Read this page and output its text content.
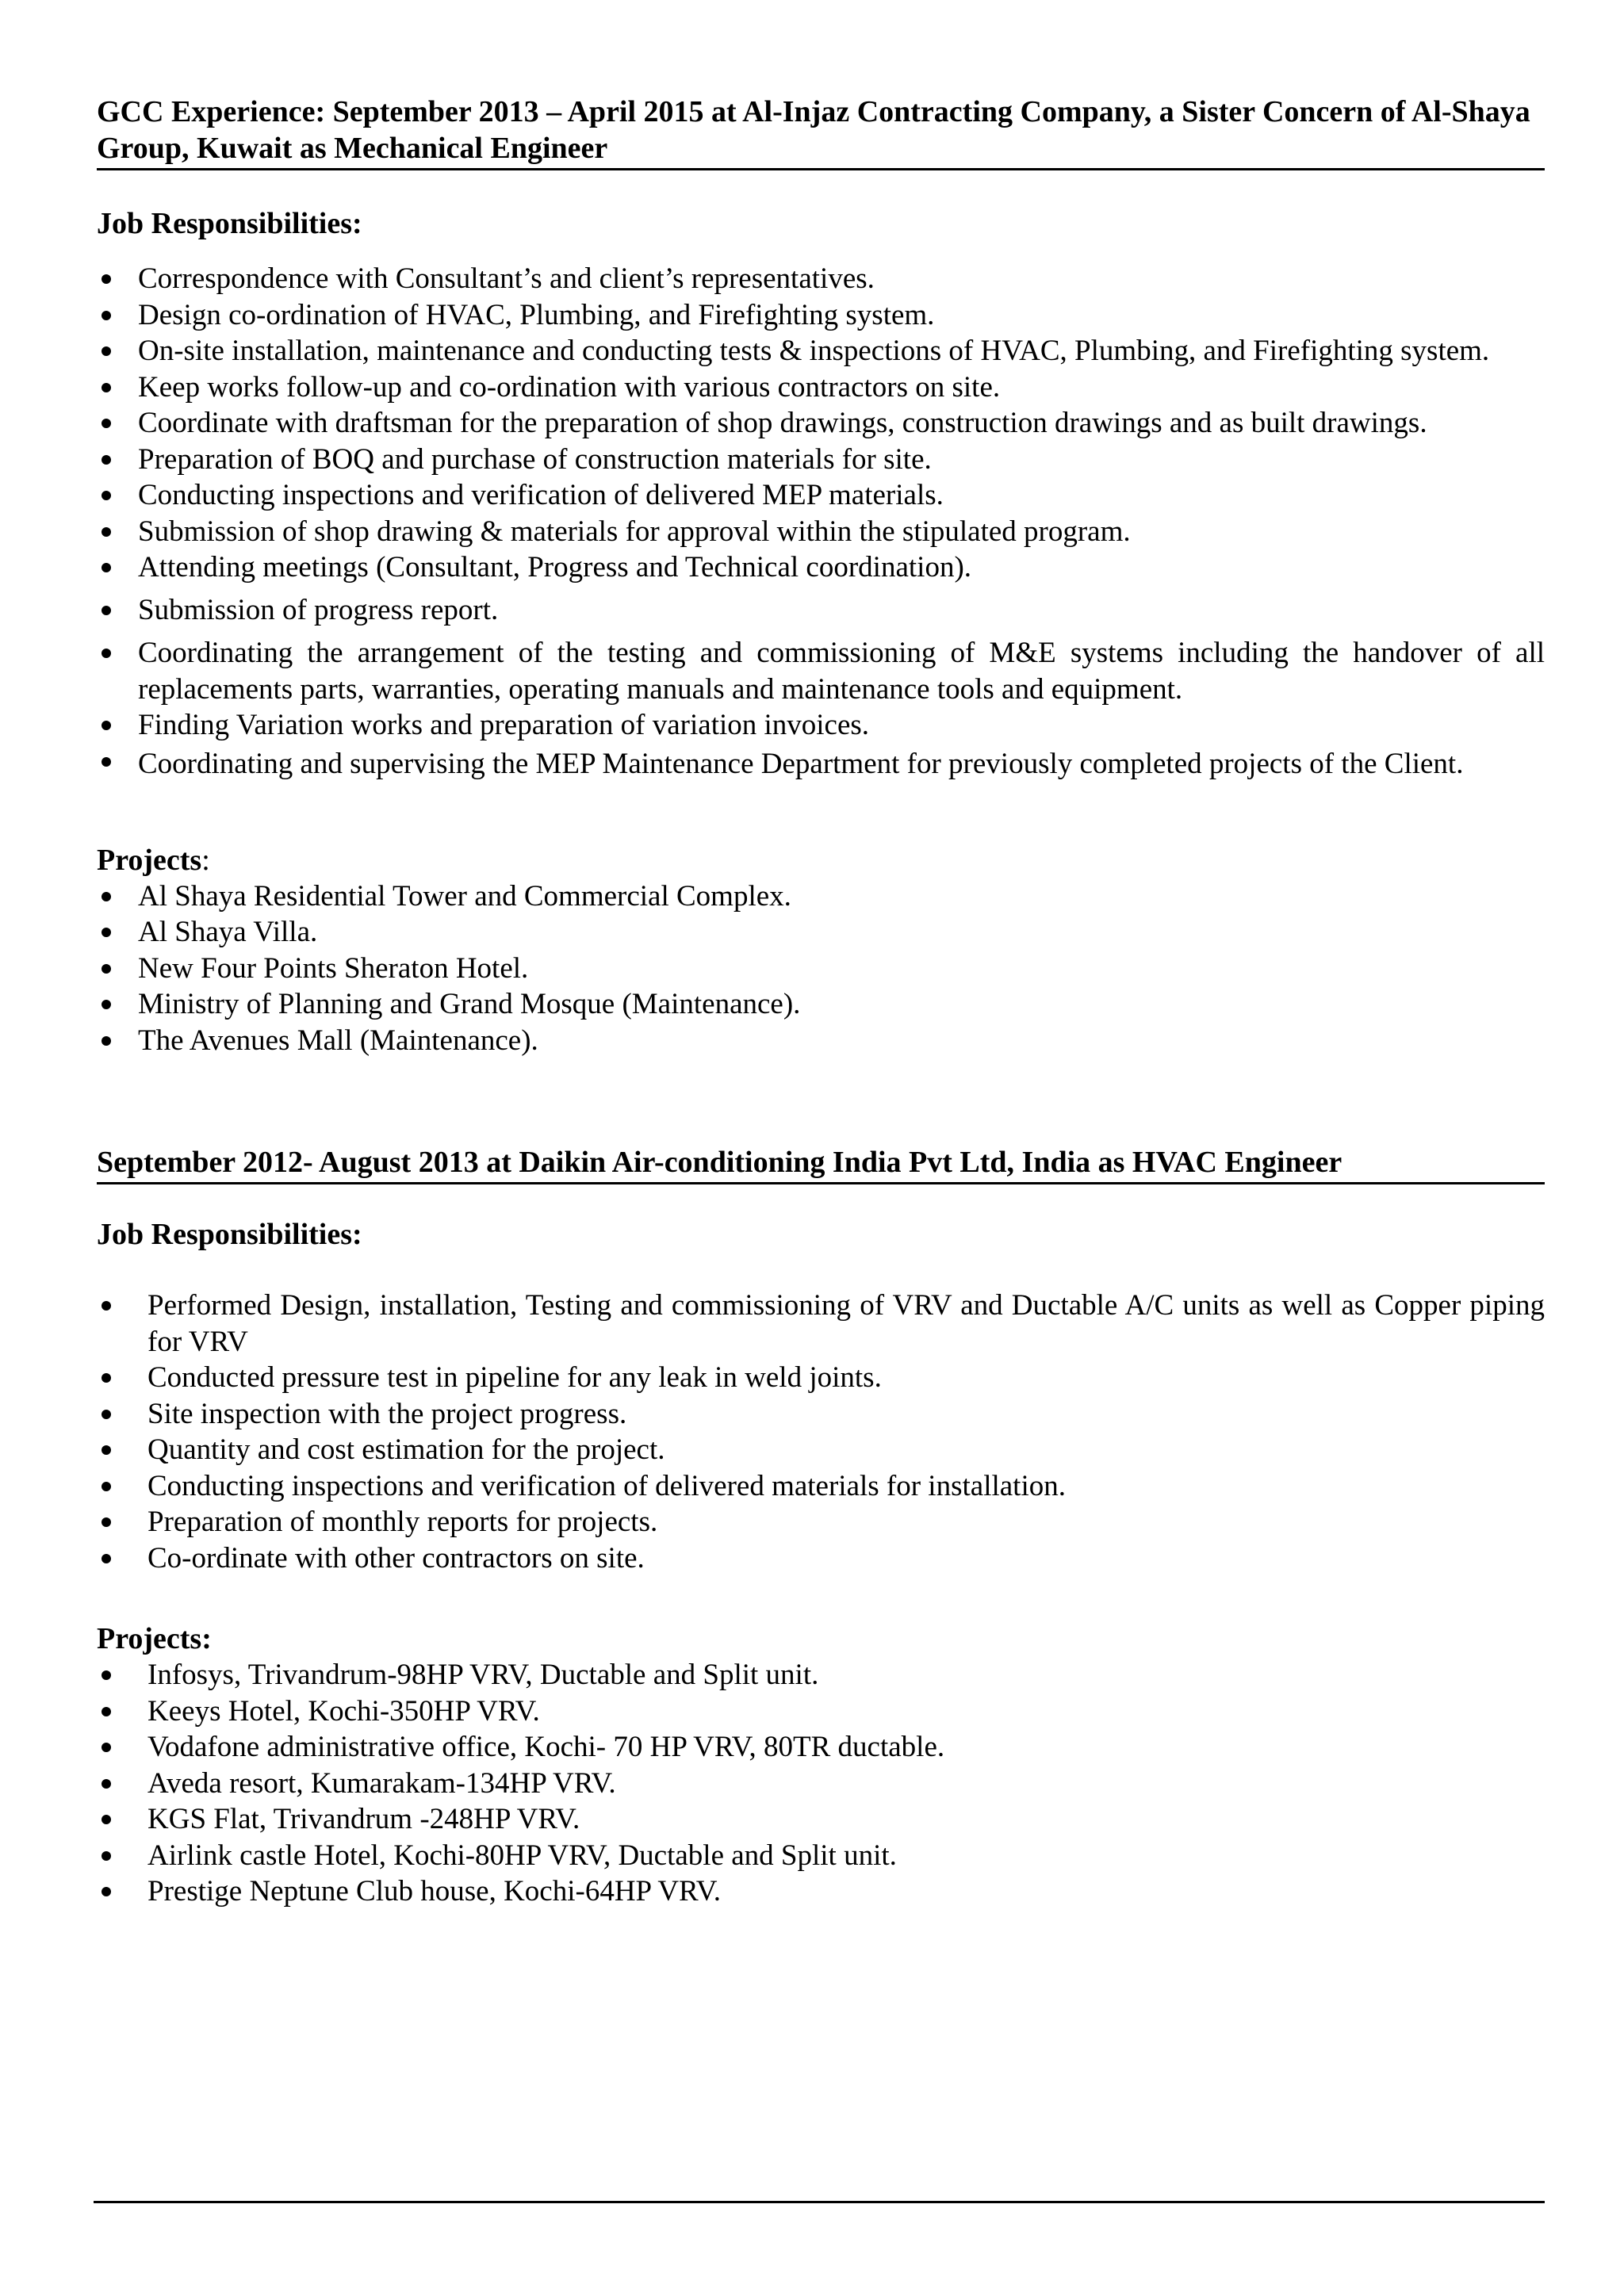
GCC Experience: September 2013 – April 2015 at Al-Injaz Contracting Company, a Sister Concern of Al-Shaya Group, Kuwait as Mechanical Engineer

Job Responsibilities:

Correspondence with Consultant’s and client’s representatives.
Design co-ordination of HVAC, Plumbing, and Firefighting system.
On-site installation, maintenance and conducting tests & inspections of HVAC, Plumbing, and Firefighting system.
Keep works follow-up and co-ordination with various contractors on site.
Coordinate with draftsman for the preparation of shop drawings, construction drawings and as built drawings.
Preparation of BOQ and purchase of construction materials for site.
Conducting inspections and verification of delivered MEP materials.
Submission of shop drawing & materials for approval within the stipulated program.
Attending meetings (Consultant, Progress and Technical coordination).
Submission of progress report.
Coordinating the arrangement of the testing and commissioning of M&E systems including the handover of all replacements parts, warranties, operating manuals and maintenance tools and equipment.
Finding Variation works and preparation of variation invoices.
Coordinating and supervising the MEP Maintenance Department for previously completed projects of the Client.

Projects:

Al Shaya Residential Tower and Commercial Complex.
Al Shaya Villa.
New Four Points Sheraton Hotel.
Ministry of Planning and Grand Mosque (Maintenance).
The Avenues Mall (Maintenance).
September 2012- August 2013 at Daikin Air-conditioning India Pvt Ltd, India as HVAC Engineer

Job Responsibilities:

Performed Design, installation, Testing and commissioning of VRV and Ductable A/C units as well as Copper piping for VRV
Conducted pressure test in pipeline for any leak in weld joints.
Site inspection with the project progress.
Quantity and cost estimation for the project.
Conducting inspections and verification of delivered materials for installation.
Preparation of monthly reports for projects.
Co-ordinate with other contractors on site.

Projects:

Infosys, Trivandrum-98HP VRV, Ductable and Split unit.
Keeys Hotel, Kochi-350HP VRV.
Vodafone administrative office, Kochi- 70 HP VRV, 80TR ductable.
Aveda resort, Kumarakam-134HP VRV.
KGS Flat, Trivandrum -248HP VRV.
Airlink castle Hotel, Kochi-80HP VRV, Ductable and Split unit.
Prestige Neptune Club house, Kochi-64HP VRV.
